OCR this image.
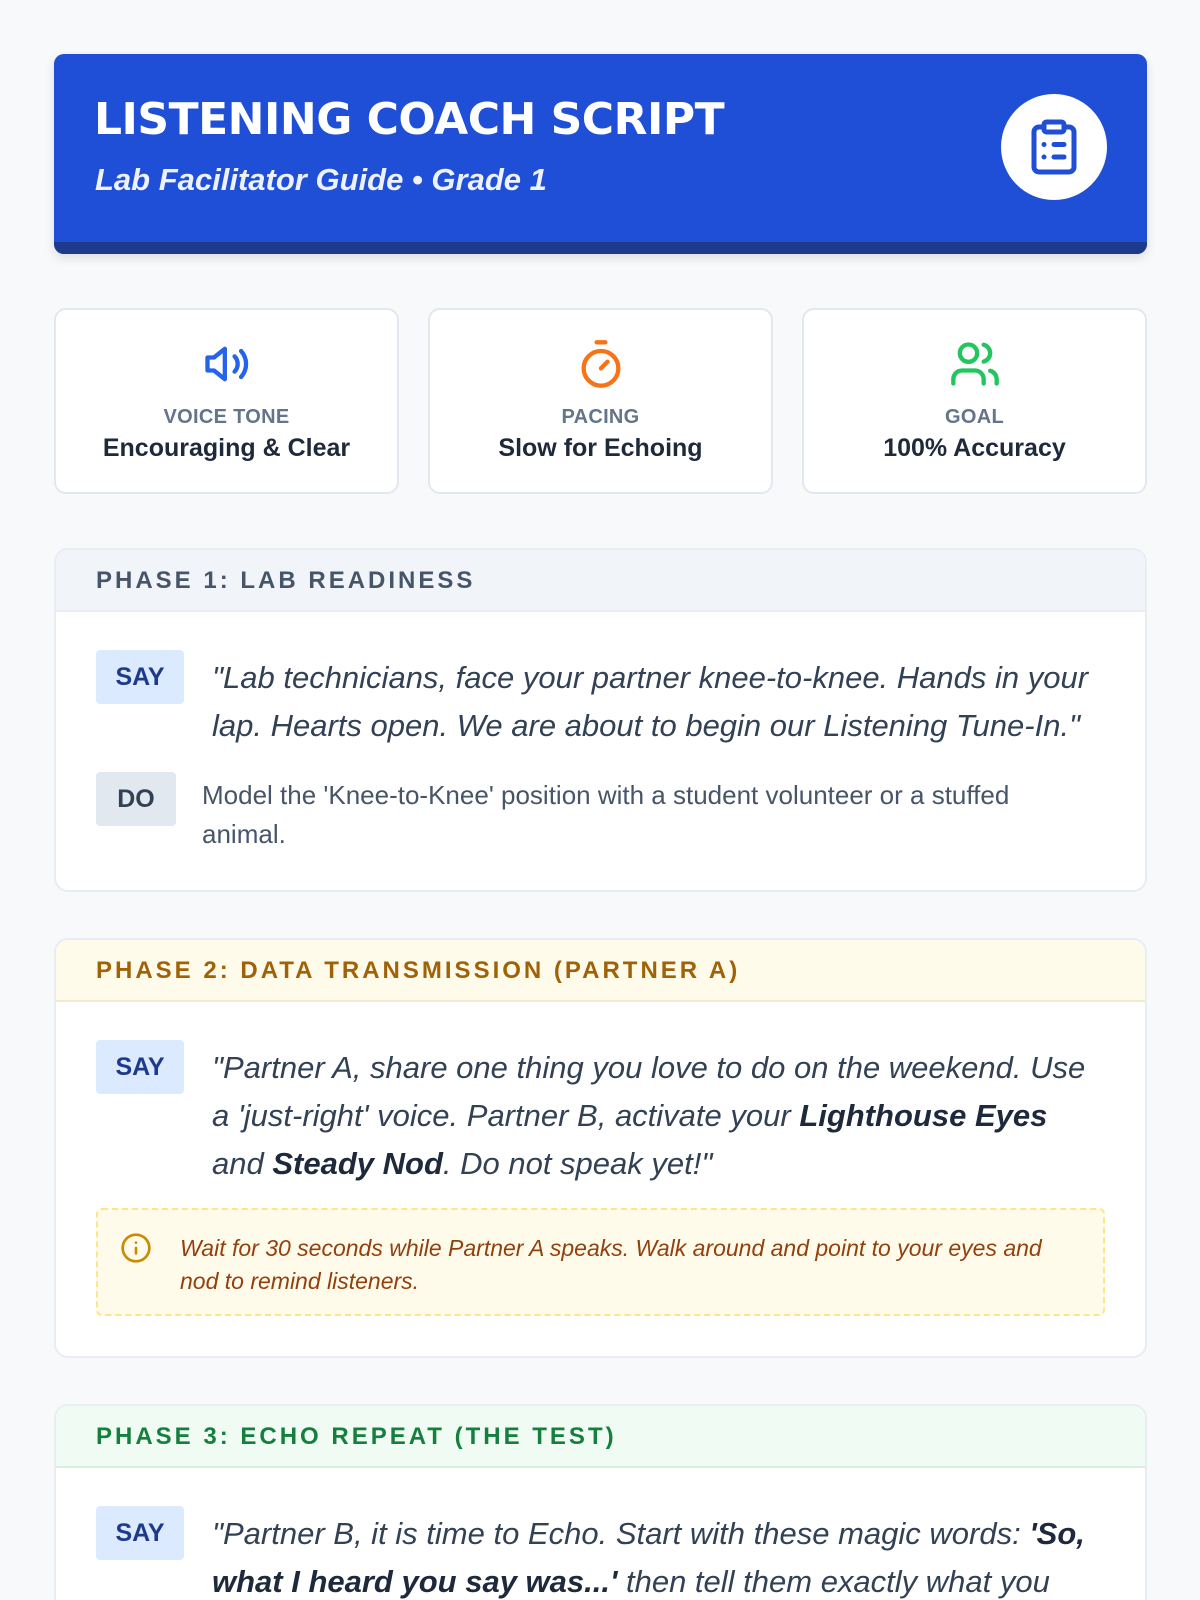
LISTENING COACH SCRIPT
Lab Facilitator Guide • Grade 1
VOICE TONE
Encouraging & Clear
PACING
Slow for Echoing
GOAL
100% Accuracy
PHASE 1: LAB READINESS
SAY	"Lab technicians, face your partner knee-to-knee. Hands in your lap. Hearts open. We are about to begin our Listening Tune-In."
DO	Model the 'Knee-to-Knee' position with a student volunteer or a stuffed animal.
PHASE 2: DATA TRANSMISSION (PARTNER A)
SAY	"Partner A, share one thing you love to do on the weekend. Use a 'just-right' voice. Partner B, activate your Lighthouse Eyes and Steady Nod. Do not speak yet!"
Wait for 30 seconds while Partner A speaks. Walk around and point to your eyes and nod to remind listeners.
PHASE 3: ECHO REPEAT (THE TEST)
SAY	"Partner B, it is time to Echo. Start with these magic words: 'So, what I heard you say was...' then tell them exactly what you
